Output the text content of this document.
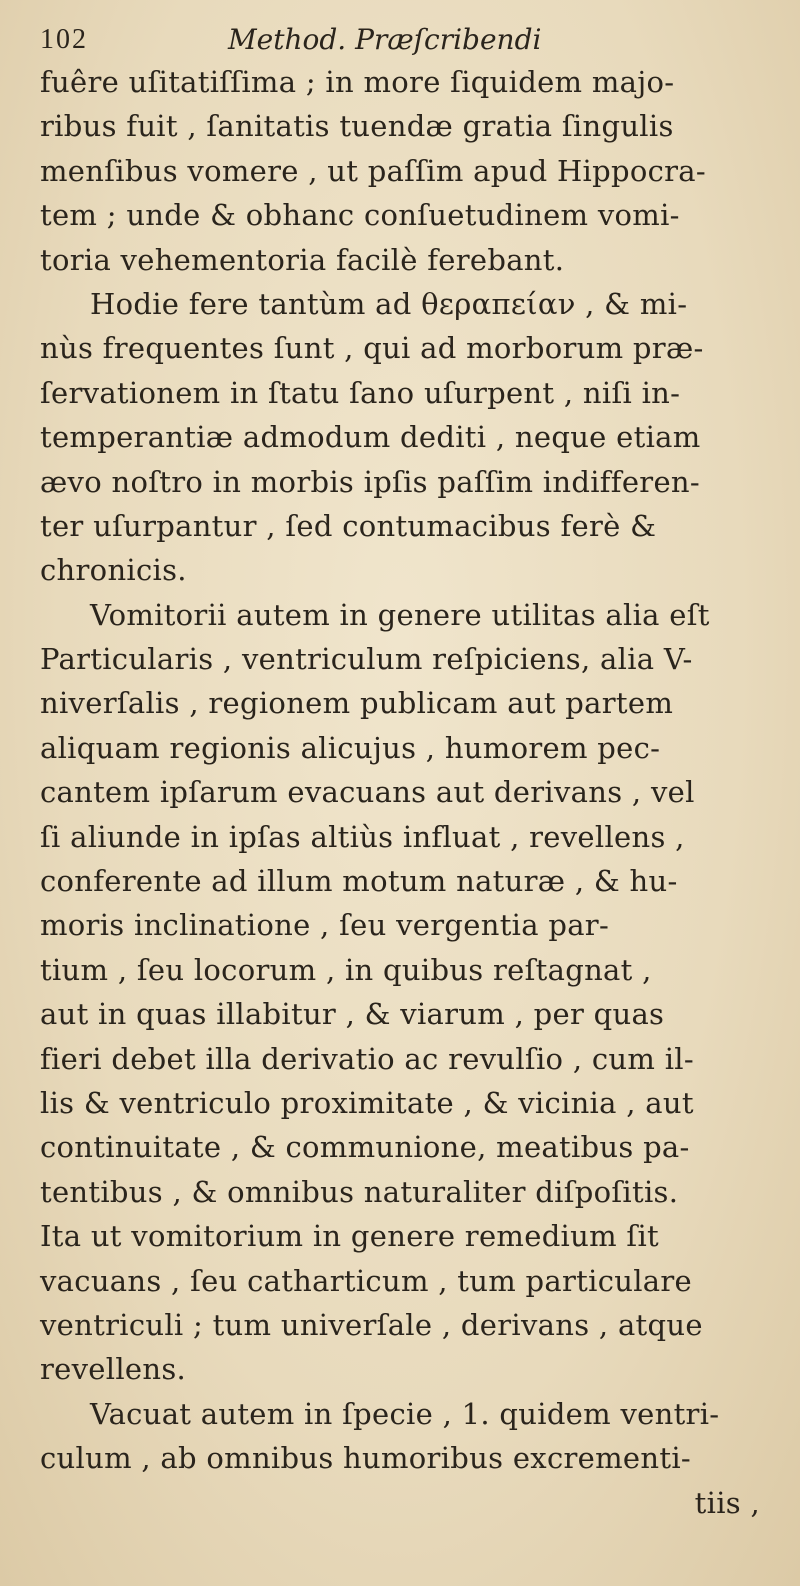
102	Method. Præſcribendi
fuêre uſitatiſſima ; in more ſiquidem majo-
ribus fuit , ſanitatis tuendæ gratia ſingulis
menſibus vomere , ut paſſim apud Hippocra-
tem ; unde & obhanc conſuetudinem vomi-
toria vehementoria facilè ferebant.
Hodie fere tantùm ad θεραπείαν , & mi-
nùs frequentes ſunt , qui ad morborum præ-
ſervationem in ſtatu ſano uſurpent , niſi in-
temperantiæ admodum dediti , neque etiam
ævo noſtro in morbis ipſis paſſim indifferen-
ter uſurpantur , ſed contumacibus ferè &
chronicis.
Vomitorii autem in genere utilitas alia eſt
Particularis , ventriculum reſpiciens, alia V-
niverſalis , regionem publicam aut partem
aliquam regionis alicujus , humorem pec-
cantem ipſarum evacuans aut derivans , vel
ſi aliunde in ipſas altiùs influat , revellens ,
conferente ad illum motum naturæ , & hu-
moris inclinatione , ſeu vergentia par-
tium , ſeu locorum , in quibus reſtagnat ,
aut in quas illabitur , & viarum , per quas
fieri debet illa derivatio ac revulſio , cum il-
lis & ventriculo proximitate , & vicinia , aut
continuitate , & communione, meatibus pa-
tentibus , & omnibus naturaliter diſpoſitis.
Ita ut vomitorium in genere remedium ſit
vacuans , ſeu catharticum , tum particulare
ventriculi ; tum univerſale , derivans , atque
revellens.
Vacuat autem in ſpecie , 1. quidem ventri-
culum , ab omnibus humoribus excrementi-
tiis ,
